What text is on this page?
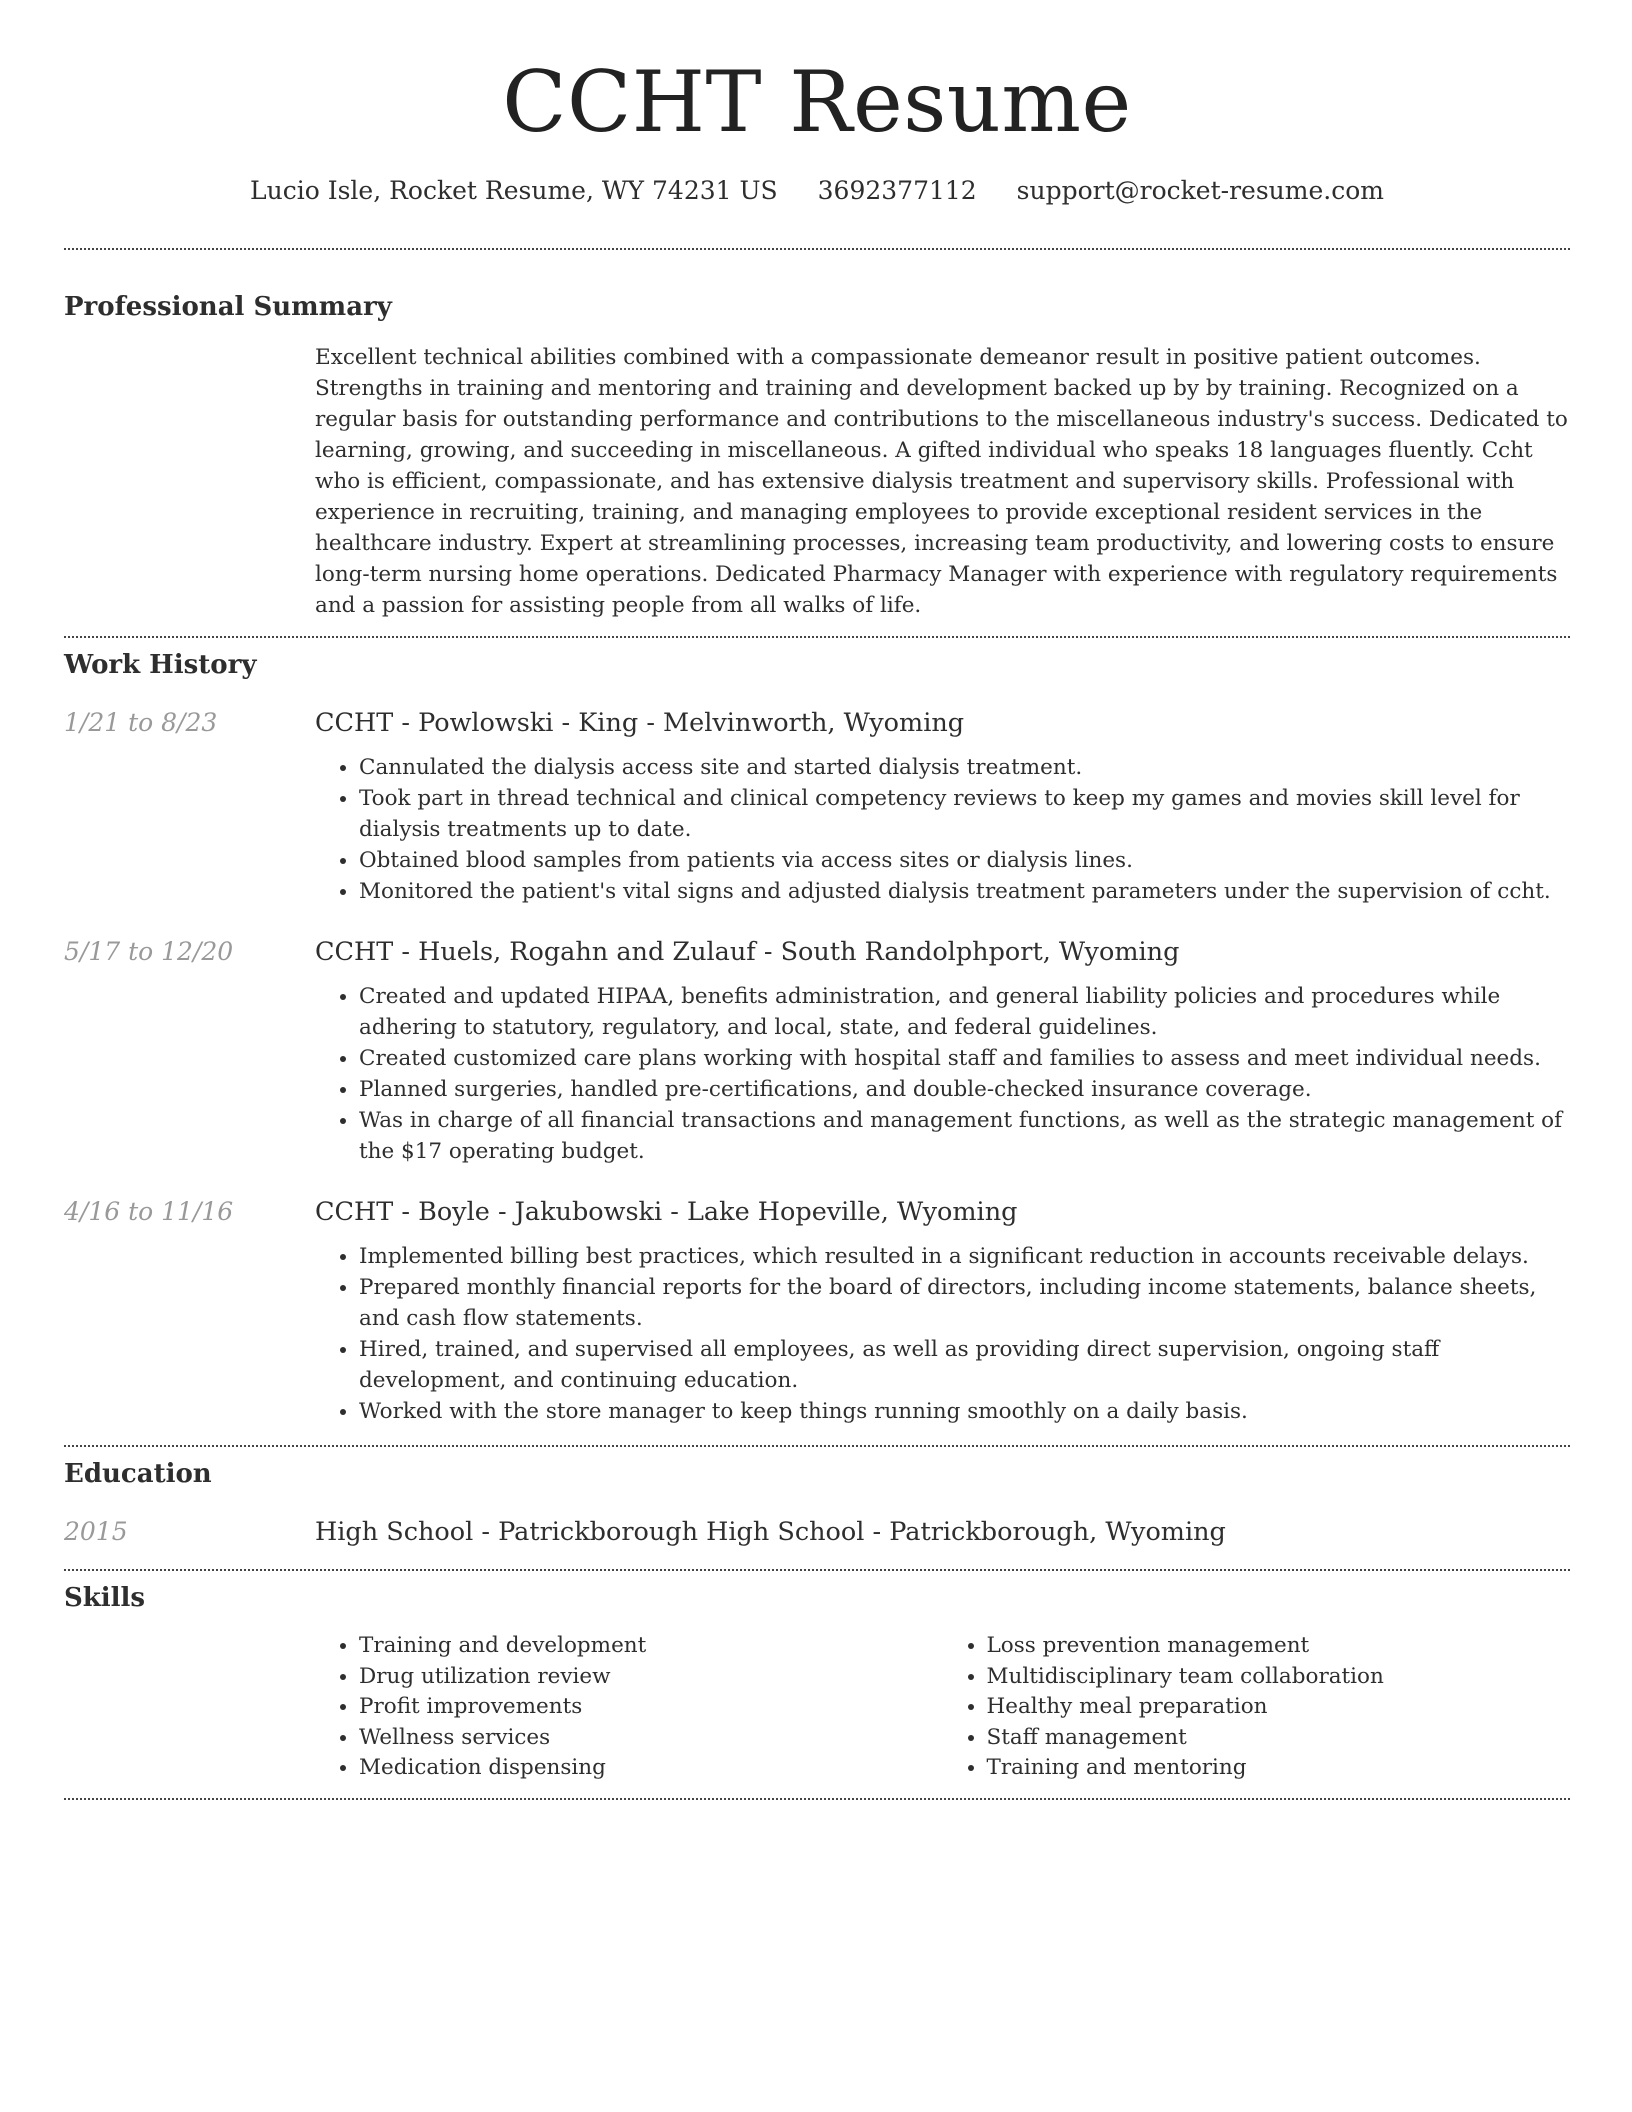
CCHT Resume
Lucio Isle, Rocket Resume, WY 74231 US 3692377112 support@rocket-resume.com
Professional Summary
Excellent technical abilities combined with a compassionate demeanor result in positive patient outcomes. Strengths in training and mentoring and training and development backed up by by training. Recognized on a regular basis for outstanding performance and contributions to the miscellaneous industry's success. Dedicated to learning, growing, and succeeding in miscellaneous. A gifted individual who speaks 18 languages fluently. Ccht who is efficient, compassionate, and has extensive dialysis treatment and supervisory skills. Professional with experience in recruiting, training, and managing employees to provide exceptional resident services in the healthcare industry. Expert at streamlining processes, increasing team productivity, and lowering costs to ensure long-term nursing home operations. Dedicated Pharmacy Manager with experience with regulatory requirements and a passion for assisting people from all walks of life.
Work History
1/21 to 8/23	CCHT - Powlowski - King - Melvinworth, Wyoming
• Cannulated the dialysis access site and started dialysis treatment.
• Took part in thread technical and clinical competency reviews to keep my games and movies skill level for dialysis treatments up to date.
• Obtained blood samples from patients via access sites or dialysis lines.
• Monitored the patient's vital signs and adjusted dialysis treatment parameters under the supervision of ccht.
5/17 to 12/20	CCHT - Huels, Rogahn and Zulauf - South Randolphport, Wyoming
• Created and updated HIPAA, benefits administration, and general liability policies and procedures while adhering to statutory, regulatory, and local, state, and federal guidelines.
• Created customized care plans working with hospital staff and families to assess and meet individual needs.
• Planned surgeries, handled pre-certifications, and double-checked insurance coverage.
• Was in charge of all financial transactions and management functions, as well as the strategic management of the $17 operating budget.
4/16 to 11/16	CCHT - Boyle - Jakubowski - Lake Hopeville, Wyoming
• Implemented billing best practices, which resulted in a significant reduction in accounts receivable delays.
• Prepared monthly financial reports for the board of directors, including income statements, balance sheets, and cash flow statements.
• Hired, trained, and supervised all employees, as well as providing direct supervision, ongoing staff development, and continuing education.
• Worked with the store manager to keep things running smoothly on a daily basis.
Education
2015	High School - Patrickborough High School - Patrickborough, Wyoming
Skills
• Training and development
• Drug utilization review
• Profit improvements
• Wellness services
• Medication dispensing
• Loss prevention management
• Multidisciplinary team collaboration
• Healthy meal preparation
• Staff management
• Training and mentoring
